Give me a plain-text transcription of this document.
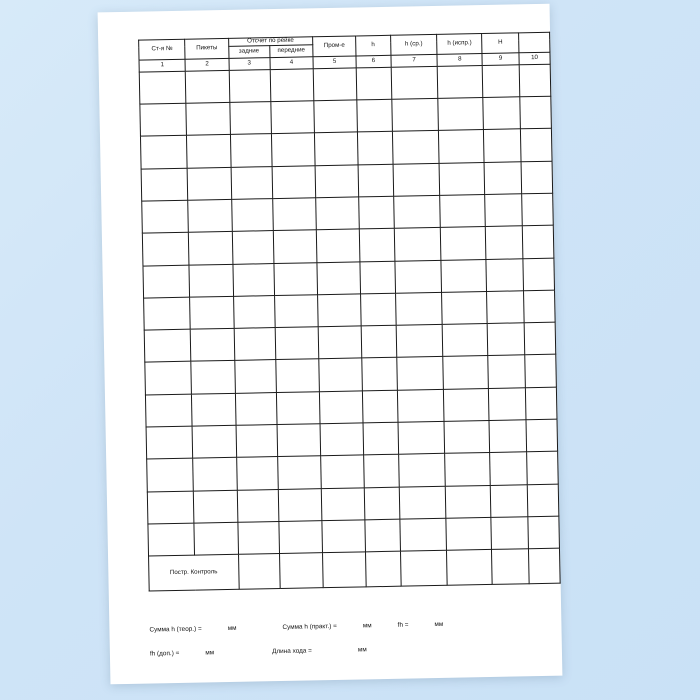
Ст-я №	Пикеты	Отсчет по рейке		Пром-е	h	h (ср.)	h (испр.)	H	
		задние	передние						
1	2	3	4	5	6	7	8	9	10

Постр. Контроль									
Сумма h (теор.) =	мм	Сумма h (практ.) =	мм	fh =	мм
fh (доп.) =	мм	Длина хода =	мм
